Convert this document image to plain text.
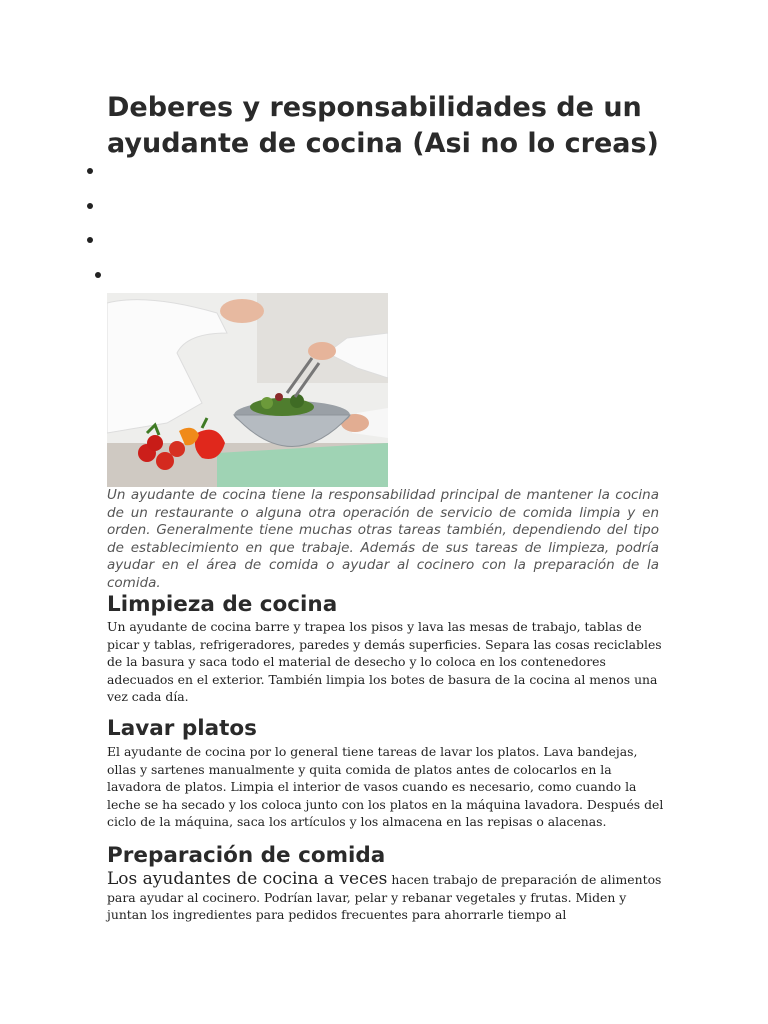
Deberes y responsabilidades de un ayudante de cocina (Asi no lo creas)

Un ayudante de cocina tiene la responsabilidad principal de mantener la cocina de un restaurante o alguna otra operación de servicio de comida limpia y en orden. Generalmente tiene muchas otras tareas también, dependiendo del tipo de establecimiento en que trabaje. Además de sus tareas de limpieza, podría ayudar en el área de comida o ayudar al cocinero con la preparación de la comida.

Limpieza de cocina

Un ayudante de cocina barre y trapea los pisos y lava las mesas de trabajo, tablas de picar y tablas, refrigeradores, paredes y demás superficies. Separa las cosas reciclables de la basura y saca todo el material de desecho y lo coloca en los contenedores adecuados en el exterior. También limpia los botes de basura de la cocina al menos una vez cada día.

Lavar platos

El ayudante de cocina por lo general tiene tareas de lavar los platos. Lava bandejas, ollas y sartenes manualmente y quita comida de platos antes de colocarlos en la lavadora de platos. Limpia el interior de vasos cuando es necesario, como cuando la leche se ha secado y los coloca junto con los platos en la máquina lavadora. Después del ciclo de la máquina, saca los artículos y los almacena en las repisas o alacenas.

Preparación de comida

Los ayudantes de cocina a veces hacen trabajo de preparación de alimentos para ayudar al cocinero. Podrían lavar, pelar y rebanar vegetales y frutas. Miden y juntan los ingredientes para pedidos frecuentes para ahorrarle tiempo al
